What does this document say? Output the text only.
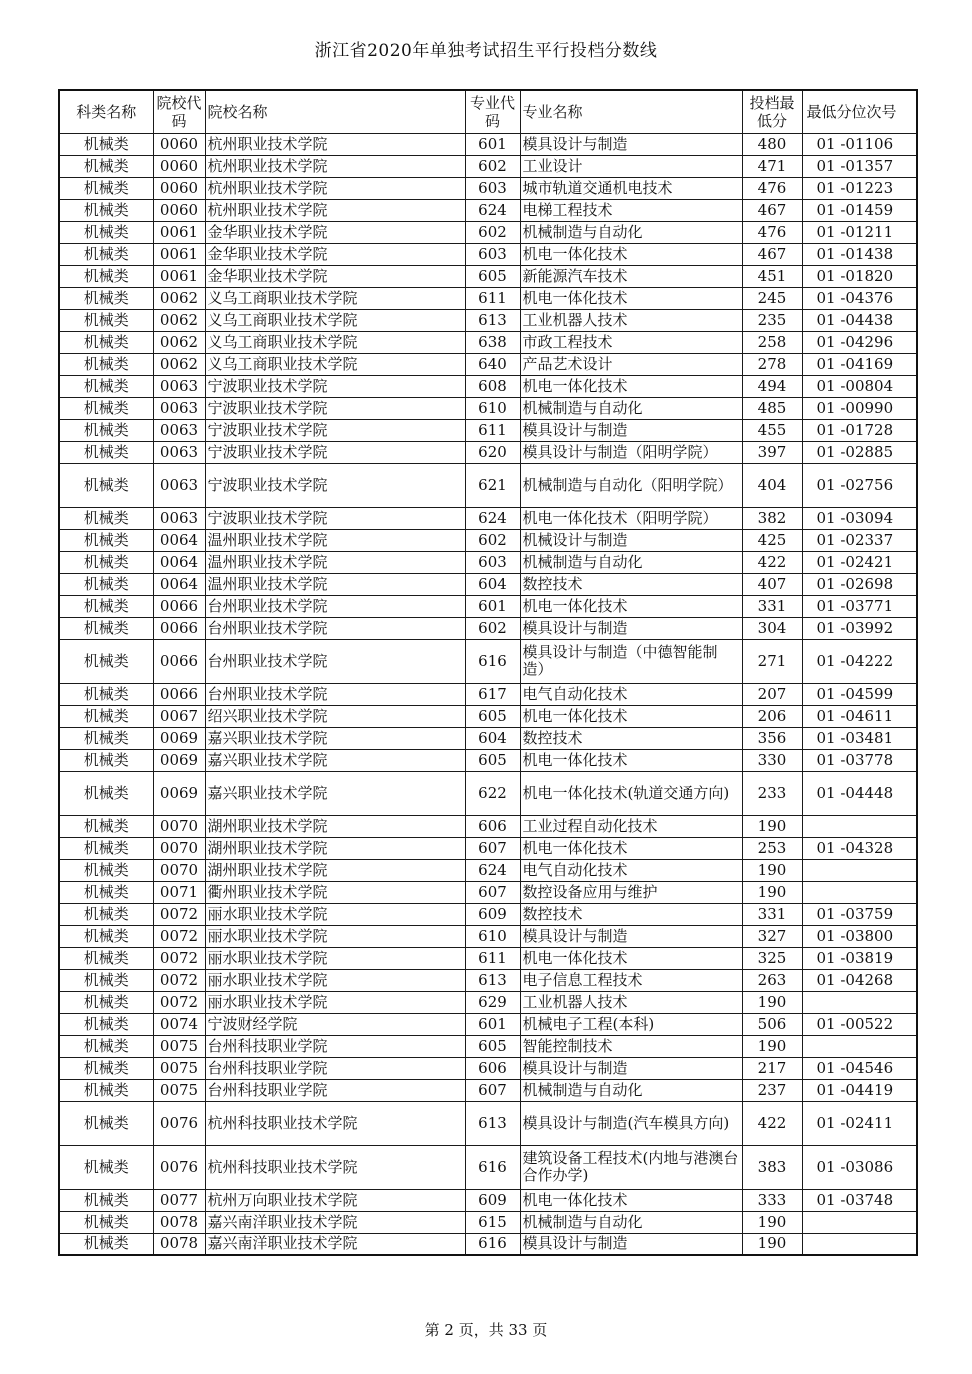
浙江省2020年单独考试招生平行投档分数线
科类名称	院校代码	院校名称	专业代码	专业名称	投档最低分	最低分位次号
机械类	0060	杭州职业技术学院	601	模具设计与制造	480	01 -01106
机械类	0060	杭州职业技术学院	602	工业设计	471	01 -01357
机械类	0060	杭州职业技术学院	603	城市轨道交通机电技术	476	01 -01223
机械类	0060	杭州职业技术学院	624	电梯工程技术	467	01 -01459
机械类	0061	金华职业技术学院	602	机械制造与自动化	476	01 -01211
机械类	0061	金华职业技术学院	603	机电一体化技术	467	01 -01438
机械类	0061	金华职业技术学院	605	新能源汽车技术	451	01 -01820
机械类	0062	义乌工商职业技术学院	611	机电一体化技术	245	01 -04376
机械类	0062	义乌工商职业技术学院	613	工业机器人技术	235	01 -04438
机械类	0062	义乌工商职业技术学院	638	市政工程技术	258	01 -04296
机械类	0062	义乌工商职业技术学院	640	产品艺术设计	278	01 -04169
机械类	0063	宁波职业技术学院	608	机电一体化技术	494	01 -00804
机械类	0063	宁波职业技术学院	610	机械制造与自动化	485	01 -00990
机械类	0063	宁波职业技术学院	611	模具设计与制造	455	01 -01728
机械类	0063	宁波职业技术学院	620	模具设计与制造（阳明学院）	397	01 -02885
机械类	0063	宁波职业技术学院	621	机械制造与自动化（阳明学院）	404	01 -02756
机械类	0063	宁波职业技术学院	624	机电一体化技术（阳明学院）	382	01 -03094
机械类	0064	温州职业技术学院	602	机械设计与制造	425	01 -02337
机械类	0064	温州职业技术学院	603	机械制造与自动化	422	01 -02421
机械类	0064	温州职业技术学院	604	数控技术	407	01 -02698
机械类	0066	台州职业技术学院	601	机电一体化技术	331	01 -03771
机械类	0066	台州职业技术学院	602	模具设计与制造	304	01 -03992
机械类	0066	台州职业技术学院	616	模具设计与制造（中德智能制造）	271	01 -04222
机械类	0066	台州职业技术学院	617	电气自动化技术	207	01 -04599
机械类	0067	绍兴职业技术学院	605	机电一体化技术	206	01 -04611
机械类	0069	嘉兴职业技术学院	604	数控技术	356	01 -03481
机械类	0069	嘉兴职业技术学院	605	机电一体化技术	330	01 -03778
机械类	0069	嘉兴职业技术学院	622	机电一体化技术(轨道交通方向)	233	01 -04448
机械类	0070	湖州职业技术学院	606	工业过程自动化技术	190	
机械类	0070	湖州职业技术学院	607	机电一体化技术	253	01 -04328
机械类	0070	湖州职业技术学院	624	电气自动化技术	190	
机械类	0071	衢州职业技术学院	607	数控设备应用与维护	190	
机械类	0072	丽水职业技术学院	609	数控技术	331	01 -03759
机械类	0072	丽水职业技术学院	610	模具设计与制造	327	01 -03800
机械类	0072	丽水职业技术学院	611	机电一体化技术	325	01 -03819
机械类	0072	丽水职业技术学院	613	电子信息工程技术	263	01 -04268
机械类	0072	丽水职业技术学院	629	工业机器人技术	190	
机械类	0074	宁波财经学院	601	机械电子工程(本科)	506	01 -00522
机械类	0075	台州科技职业学院	605	智能控制技术	190	
机械类	0075	台州科技职业学院	606	模具设计与制造	217	01 -04546
机械类	0075	台州科技职业学院	607	机械制造与自动化	237	01 -04419
机械类	0076	杭州科技职业技术学院	613	模具设计与制造(汽车模具方向)	422	01 -02411
机械类	0076	杭州科技职业技术学院	616	建筑设备工程技术(内地与港澳台合作办学)	383	01 -03086
机械类	0077	杭州万向职业技术学院	609	机电一体化技术	333	01 -03748
机械类	0078	嘉兴南洋职业技术学院	615	机械制造与自动化	190	
机械类	0078	嘉兴南洋职业技术学院	616	模具设计与制造	190	
第 2 页，共 33 页
